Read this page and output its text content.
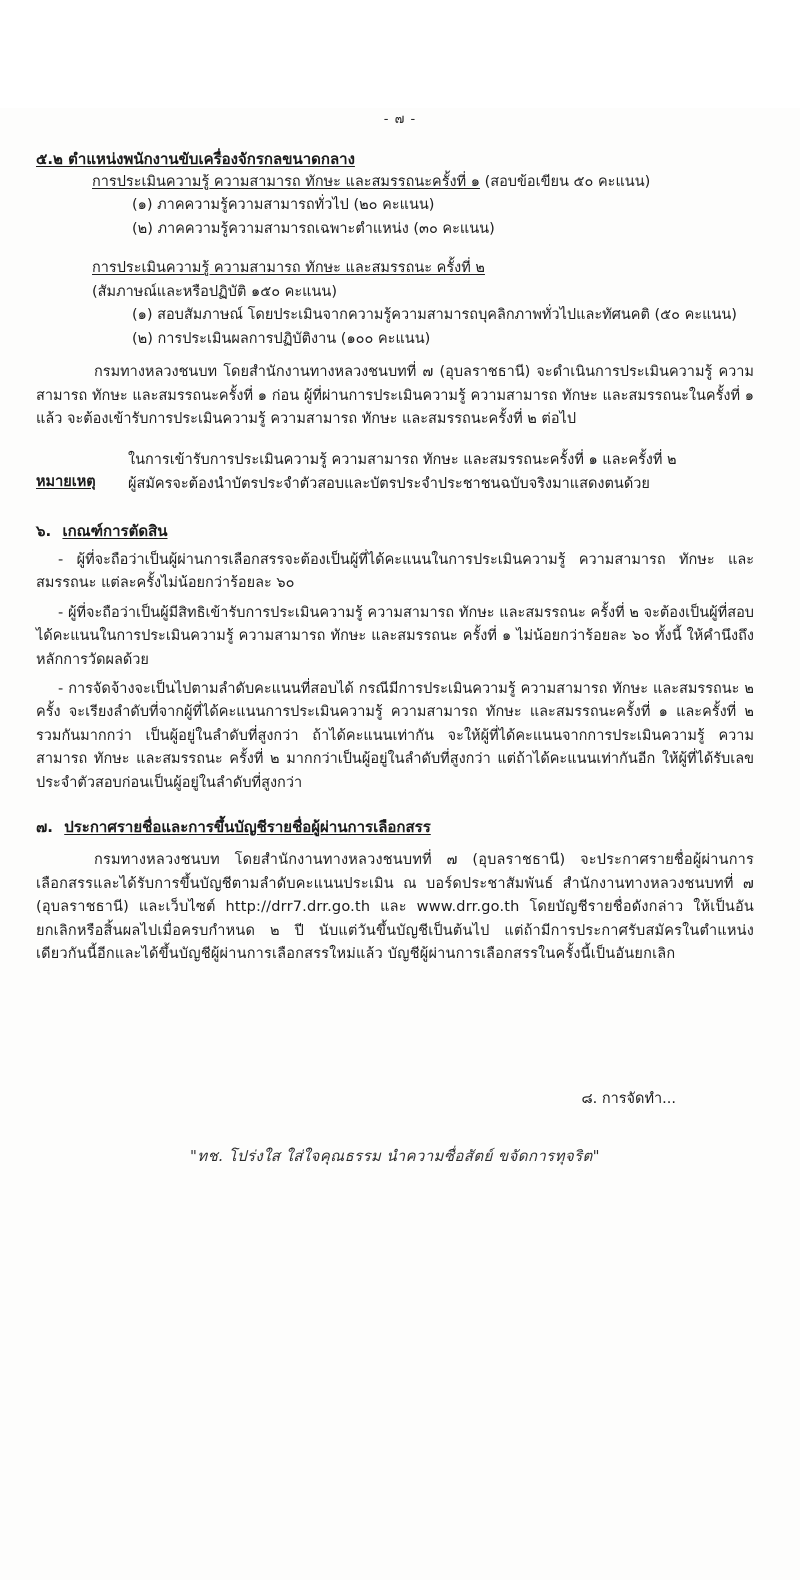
- ๗ -
๕.๒ ตำแหน่งพนักงานขับเครื่องจักรกลขนาดกลาง
การประเมินความรู้ ความสามารถ ทักษะ และสมรรถนะครั้งที่ ๑ (สอบข้อเขียน ๕๐ คะแนน)
(๑) ภาคความรู้ความสามารถทั่วไป (๒๐ คะแนน)
(๒) ภาคความรู้ความสามารถเฉพาะตำแหน่ง (๓๐ คะแนน)
การประเมินความรู้ ความสามารถ ทักษะ และสมรรถนะ ครั้งที่ ๒
(สัมภาษณ์และหรือปฏิบัติ ๑๕๐ คะแนน)
(๑) สอบสัมภาษณ์ โดยประเมินจากความรู้ความสามารถบุคลิกภาพทั่วไปและทัศนคติ (๕๐ คะแนน)
(๒) การประเมินผลการปฏิบัติงาน (๑๐๐ คะแนน)

กรมทางหลวงชนบท โดยสำนักงานทางหลวงชนบทที่ ๗ (อุบลราชธานี) จะดำเนินการประเมินความรู้ ความสามารถ ทักษะ และสมรรถนะครั้งที่ ๑ ก่อน ผู้ที่ผ่านการประเมินความรู้ ความสามารถ ทักษะ และสมรรถนะในครั้งที่ ๑ แล้ว จะต้องเข้ารับการประเมินความรู้ ความสามารถ ทักษะ และสมรรถนะครั้งที่ ๒ ต่อไป

หมายเหตุ
ในการเข้ารับการประเมินความรู้ ความสามารถ ทักษะ และสมรรถนะครั้งที่ ๑ และครั้งที่ ๒
ผู้สมัครจะต้องนำบัตรประจำตัวสอบและบัตรประจำประชาชนฉบับจริงมาแสดงตนด้วย
๖. เกณฑ์การตัดสิน

- ผู้ที่จะถือว่าเป็นผู้ผ่านการเลือกสรรจะต้องเป็นผู้ที่ได้คะแนนในการประเมินความรู้ ความสามารถ ทักษะ และสมรรถนะ แต่ละครั้งไม่น้อยกว่าร้อยละ ๖๐

- ผู้ที่จะถือว่าเป็นผู้มีสิทธิเข้ารับการประเมินความรู้ ความสามารถ ทักษะ และสมรรถนะ ครั้งที่ ๒ จะต้องเป็นผู้ที่สอบได้คะแนนในการประเมินความรู้ ความสามารถ ทักษะ และสมรรถนะ ครั้งที่ ๑ ไม่น้อยกว่าร้อยละ ๖๐ ทั้งนี้ ให้คำนึงถึงหลักการวัดผลด้วย

- การจัดจ้างจะเป็นไปตามลำดับคะแนนที่สอบได้ กรณีมีการประเมินความรู้ ความสามารถ ทักษะ และสมรรถนะ ๒ ครั้ง จะเรียงลำดับที่จากผู้ที่ได้คะแนนการประเมินความรู้ ความสามารถ ทักษะ และสมรรถนะครั้งที่ ๑ และครั้งที่ ๒ รวมกันมากกว่า เป็นผู้อยู่ในลำดับที่สูงกว่า ถ้าได้คะแนนเท่ากัน จะให้ผู้ที่ได้คะแนนจากการประเมินความรู้ ความสามารถ ทักษะ และสมรรถนะ ครั้งที่ ๒ มากกว่าเป็นผู้อยู่ในลำดับที่สูงกว่า แต่ถ้าได้คะแนนเท่ากันอีก ให้ผู้ที่ได้รับเลขประจำตัวสอบก่อนเป็นผู้อยู่ในลำดับที่สูงกว่า

๗. ประกาศรายชื่อและการขึ้นบัญชีรายชื่อผู้ผ่านการเลือกสรร

กรมทางหลวงชนบท โดยสำนักงานทางหลวงชนบทที่ ๗ (อุบลราชธานี) จะประกาศรายชื่อผู้ผ่านการเลือกสรรและได้รับการขึ้นบัญชีตามลำดับคะแนนประเมิน ณ บอร์ดประชาสัมพันธ์ สำนักงานทางหลวงชนบทที่ ๗ (อุบลราชธานี) และเว็บไซต์ http://drr7.drr.go.th และ www.drr.go.th โดยบัญชีรายชื่อดังกล่าว ให้เป็นอันยกเลิกหรือสิ้นผลไปเมื่อครบกำหนด ๒ ปี นับแต่วันขึ้นบัญชีเป็นต้นไป แต่ถ้ามีการประกาศรับสมัครในตำแหน่งเดียวกันนี้อีกและได้ขึ้นบัญชีผู้ผ่านการเลือกสรรใหม่แล้ว บัญชีผู้ผ่านการเลือกสรรในครั้งนี้เป็นอันยกเลิก

๘. การจัดทำ...
"ทช. โปร่งใส ใส่ใจคุณธรรม นำความซื่อสัตย์ ขจัดการทุจริต"
